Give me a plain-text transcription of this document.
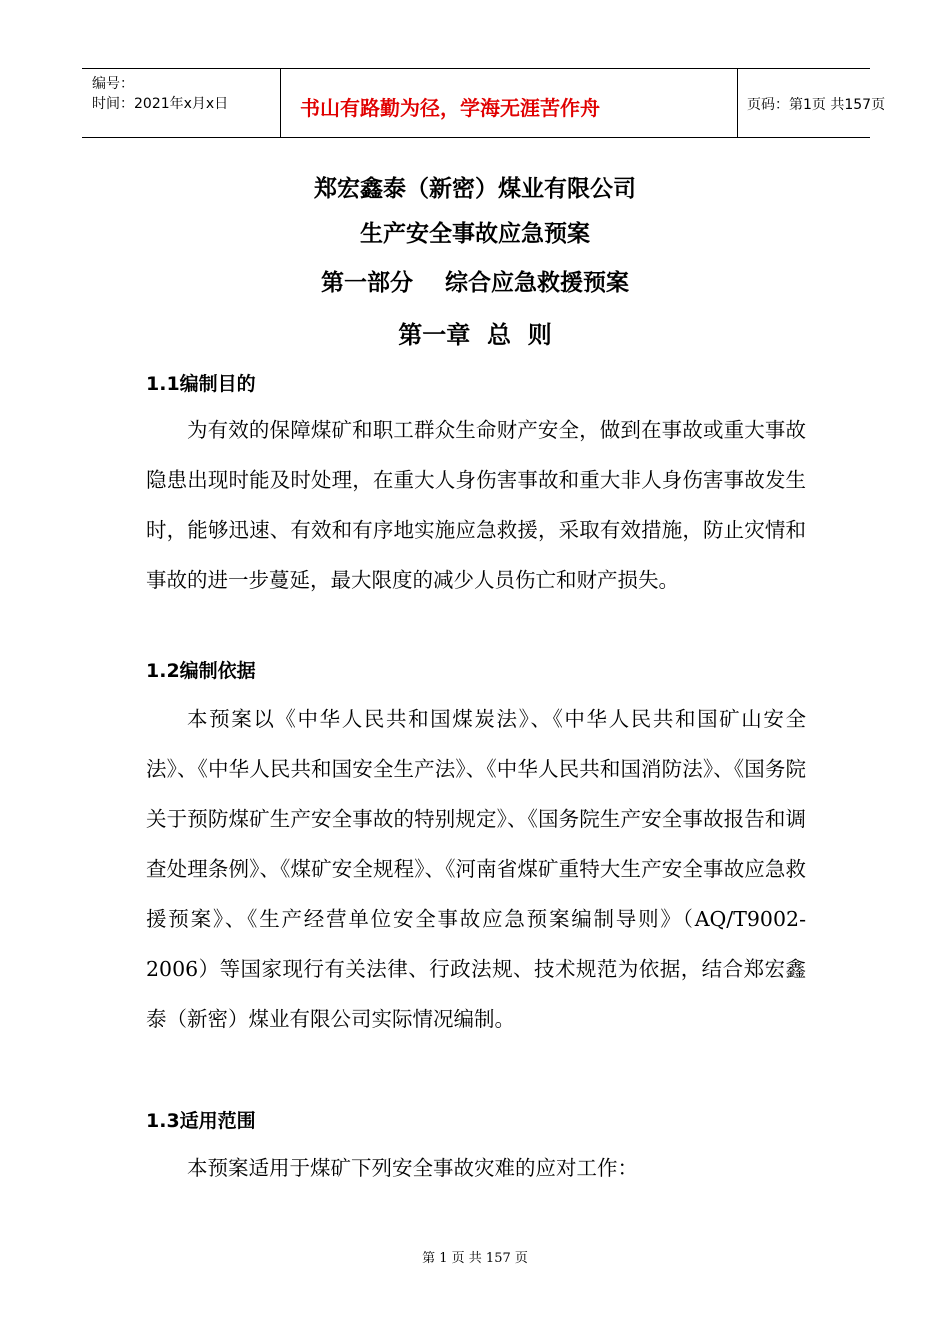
编号：
时间：2021年x月x日	书山有路勤为径，学海无涯苦作舟	页码：第1页 共157页
郑宏鑫泰（新密）煤业有限公司
生产安全事故应急预案
第一部分    综合应急救援预案
第一章  总  则
1.1编制目的

为有效的保障煤矿和职工群众生命财产安全，做到在事故或重大事故隐患出现时能及时处理，在重大人身伤害事故和重大非人身伤害事故发生时，能够迅速、有效和有序地实施应急救援，采取有效措施，防止灾情和事故的进一步蔓延，最大限度的减少人员伤亡和财产损失。

1.2编制依据

本预案以《中华人民共和国煤炭法》、《中华人民共和国矿山安全法》、《中华人民共和国安全生产法》、《中华人民共和国消防法》、《国务院关于预防煤矿生产安全事故的特别规定》、《国务院生产安全事故报告和调查处理条例》、《煤矿安全规程》、《河南省煤矿重特大生产安全事故应急救援预案》、《生产经营单位安全事故应急预案编制导则》（AQ/T9002-2006）等国家现行有关法律、行政法规、技术规范为依据，结合郑宏鑫泰（新密）煤业有限公司实际情况编制。

1.3适用范围

本预案适用于煤矿下列安全事故灾难的应对工作：

第 1 页 共 157 页
